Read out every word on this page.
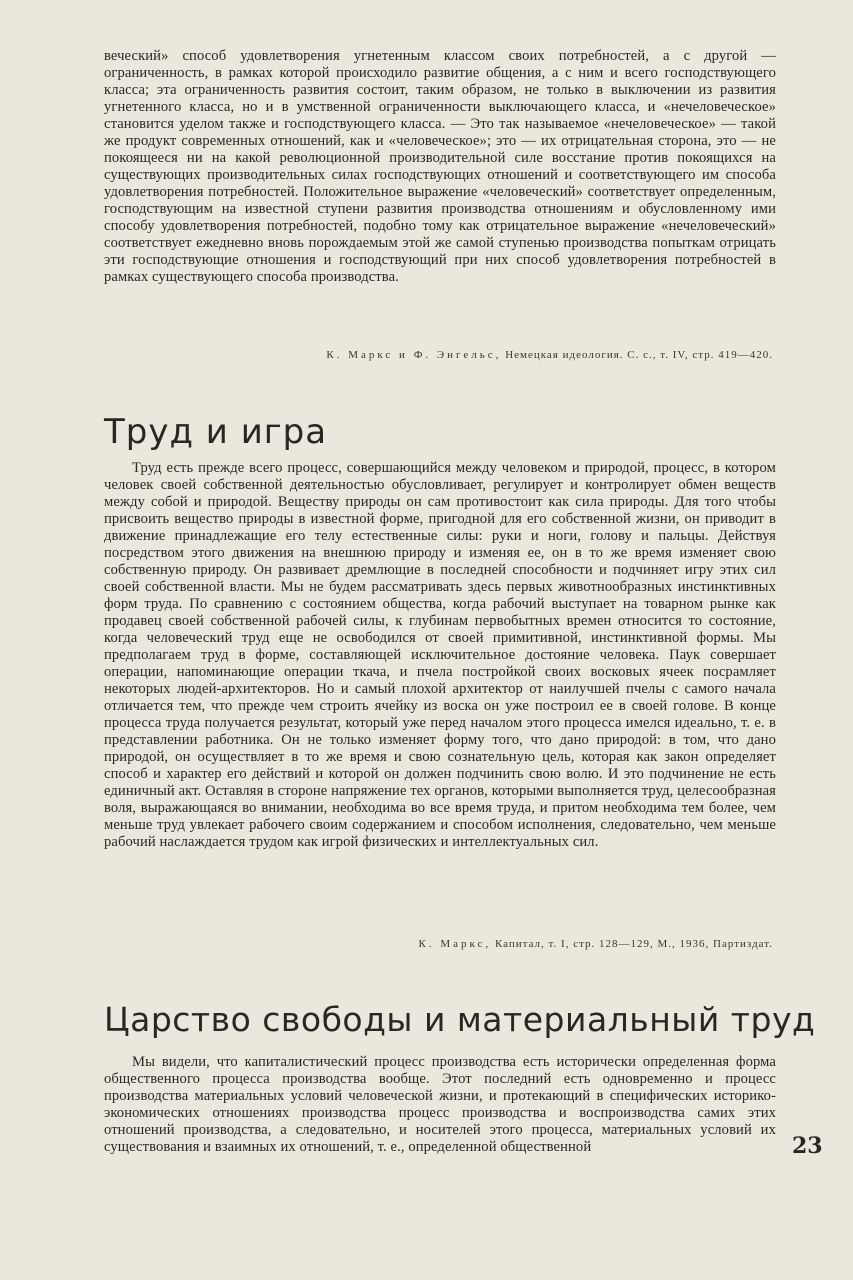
веческий» способ удовлетворения угнетенным классом своих потребностей, а с другой — ограниченность, в рамках которой происходило развитие общения, а с ним и всего господствующего класса; эта ограниченность развития состоит, таким образом, не только в выключении из развития угнетенного класса, но и в умственной ограниченности выключающего класса, и «нечеловеческое» становится уделом также и господствующего класса. — Это так называемое «нечеловеческое» — такой же продукт современных отношений, как и «человеческое»; это — их отрицательная сторона, это — не покоящееся ни на какой революционной производительной силе восстание против покоящихся на существующих производительных силах господствующих отношений и соответствующего им способа удовлетворения потребностей. Положительное выражение «человеческий» соответствует определенным, господствующим на известной ступени развития производства отношениям и обусловленному ими способу удовлетворения потребностей, подобно тому как отрицательное выражение «нечеловеческий» соответствует ежедневно вновь порождаемым этой же самой ступенью производства попыткам отрицать эти господствующие отношения и господствующий при них способ удовлетворения потребностей в рамках существующего способа производства.

К. Маркс и Ф. Энгельс, Немецкая идеология. С. с., т. IV, стр. 419—420.

Труд и игра

Труд есть прежде всего процесс, совершающийся между человеком и природой, процесс, в котором человек своей собственной деятельностью обусловливает, регулирует и контролирует обмен веществ между собой и природой. Веществу природы он сам противостоит как сила природы. Для того чтобы присвоить вещество природы в известной форме, пригодной для его собственной жизни, он приводит в движение принадлежащие его телу естественные силы: руки и ноги, голову и пальцы. Действуя посредством этого движения на внешнюю природу и изменяя ее, он в то же время изменяет свою собственную природу. Он развивает дремлющие в последней способности и подчиняет игру этих сил своей собственной власти. Мы не будем рассматривать здесь первых животнообразных инстинктивных форм труда. По сравнению с состоянием общества, когда рабочий выступает на товарном рынке как продавец своей собственной рабочей силы, к глубинам первобытных времен относится то состояние, когда человеческий труд еще не освободился от своей примитивной, инстинктивной формы. Мы предполагаем труд в форме, составляющей исключительное достояние человека. Паук совершает операции, напоминающие операции ткача, и пчела постройкой своих восковых ячеек посрамляет некоторых людей-архитекторов. Но и самый плохой архитектор от наилучшей пчелы с самого начала отличается тем, что прежде чем строить ячейку из воска он уже построил ее в своей голове. В конце процесса труда получается результат, который уже перед началом этого процесса имелся идеально, т. е. в представлении работника. Он не только изменяет форму того, что дано природой: в том, что дано природой, он осуществляет в то же время и свою сознательную цель, которая как закон определяет способ и характер его действий и которой он должен подчинить свою волю. И это подчинение не есть единичный акт. Оставляя в стороне напряжение тех органов, которыми выполняется труд, целесообразная воля, выражающаяся во внимании, необходима во все время труда, и притом необходима тем более, чем меньше труд увлекает рабочего своим содержанием и способом исполнения, следовательно, чем меньше рабочий наслаждается трудом как игрой физических и интеллектуальных сил.

К. Маркс, Капитал, т. I, стр. 128—129, М., 1936, Партиздат.

Царство свободы и материальный труд

Мы видели, что капиталистический процесс производства есть исторически определенная форма общественного процесса производства вообще. Этот последний есть одновременно и процесс производства материальных условий человеческой жизни, и протекающий в специфических историко-экономических отношениях производства процесс производства и воспроизводства самих этих отношений производства, а следовательно, и носителей этого процесса, материальных условий их существования и взаимных их отношений, т. е., определенной общественной	23
